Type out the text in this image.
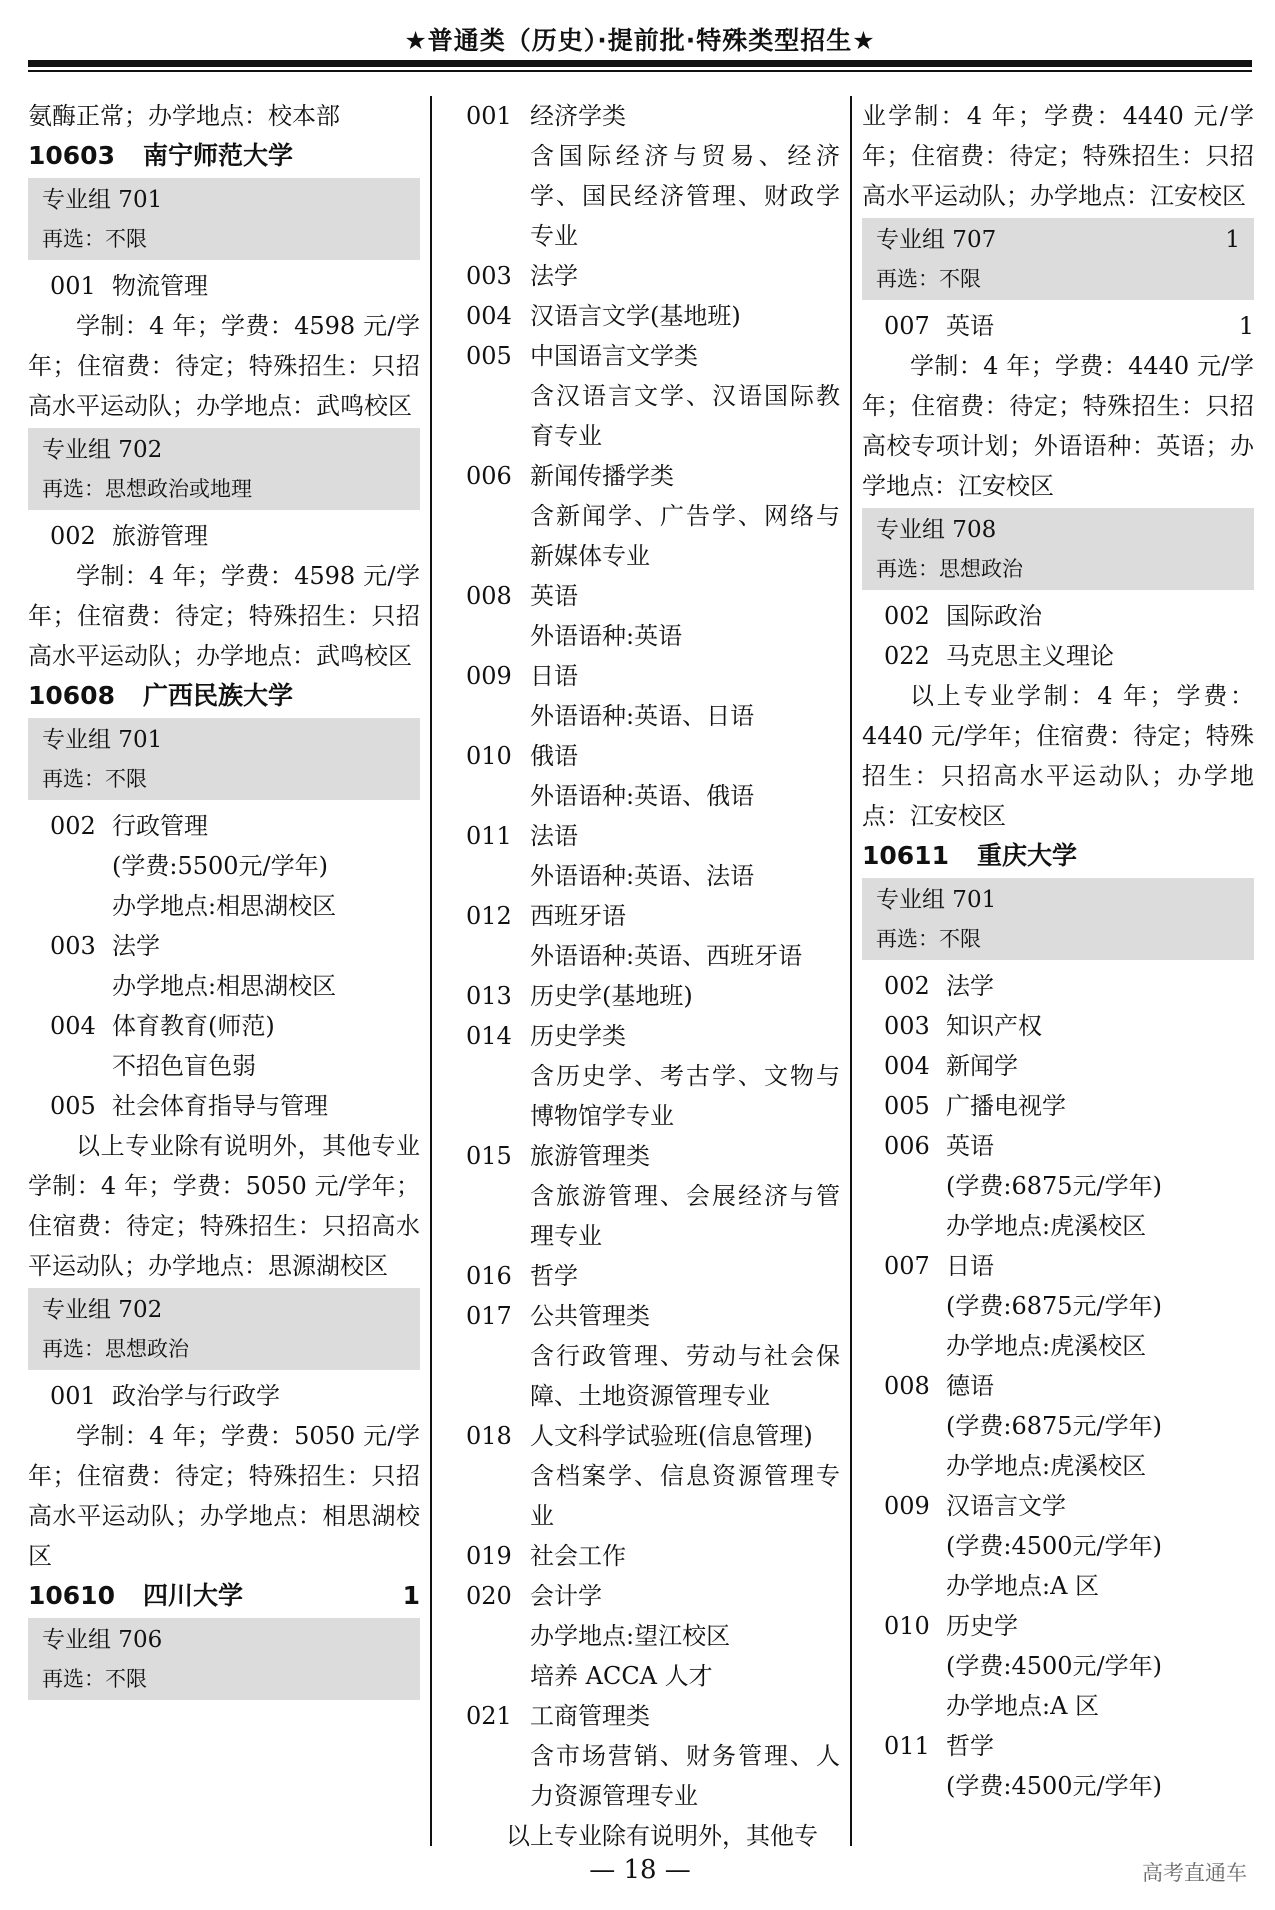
★普通类（历史）·提前批·特殊类型招生★
氨酶正常；办学地点：校本部
10603 南宁师范大学
专业组 701
再选：不限
001 物流管理
学制：4 年；学费：4598 元/学年；住宿费：待定；特殊招生：只招高水平运动队；办学地点：武鸣校区
专业组 702
再选：思想政治或地理
002 旅游管理
学制：4 年；学费：4598 元/学年；住宿费：待定；特殊招生：只招高水平运动队；办学地点：武鸣校区
10608 广西民族大学
专业组 701
再选：不限
002 行政管理
(学费:5500元/学年)
办学地点:相思湖校区
003 法学
办学地点:相思湖校区
004 体育教育(师范)
不招色盲色弱
005 社会体育指导与管理
以上专业除有说明外，其他专业学制：4 年；学费：5050 元/学年；住宿费：待定；特殊招生：只招高水平运动队；办学地点：思源湖校区
专业组 702
再选：思想政治
001 政治学与行政学
学制：4 年；学费：5050 元/学年；住宿费：待定；特殊招生：只招高水平运动队；办学地点：相思湖校区
10610 四川大学	1
专业组 706
再选：不限
001 经济学类
含国际经济与贸易、经济学、国民经济管理、财政学专业
003 法学
004 汉语言文学(基地班)
005 中国语言文学类
含汉语言文学、汉语国际教育专业
006 新闻传播学类
含新闻学、广告学、网络与新媒体专业
008 英语
外语语种:英语
009 日语
外语语种:英语、日语
010 俄语
外语语种:英语、俄语
011 法语
外语语种:英语、法语
012 西班牙语
外语语种:英语、西班牙语
013 历史学(基地班)
014 历史学类
含历史学、考古学、文物与博物馆学专业
015 旅游管理类
含旅游管理、会展经济与管理专业
016 哲学
017 公共管理类
含行政管理、劳动与社会保障、土地资源管理专业
018 人文科学试验班(信息管理)
含档案学、信息资源管理专业
019 社会工作
020 会计学
办学地点:望江校区
培养 ACCA 人才
021 工商管理类
含市场营销、财务管理、人力资源管理专业
以上专业除有说明外，其他专
业学制：4 年；学费：4440 元/学年；住宿费：待定；特殊招生：只招高水平运动队；办学地点：江安校区
专业组 707	1
再选：不限
007 英语	1
学制：4 年；学费：4440 元/学年；住宿费：待定；特殊招生：只招高校专项计划；外语语种：英语；办学地点：江安校区
专业组 708
再选：思想政治
002 国际政治
022 马克思主义理论
以上专业学制：4 年；学费：4440 元/学年；住宿费：待定；特殊招生：只招高水平运动队；办学地点：江安校区
10611 重庆大学
专业组 701
再选：不限
002 法学
003 知识产权
004 新闻学
005 广播电视学
006 英语
(学费:6875元/学年)
办学地点:虎溪校区
007 日语
(学费:6875元/学年)
办学地点:虎溪校区
008 德语
(学费:6875元/学年)
办学地点:虎溪校区
009 汉语言文学
(学费:4500元/学年)
办学地点:A 区
010 历史学
(学费:4500元/学年)
办学地点:A 区
011 哲学
(学费:4500元/学年)
— 18 —	高考直通车
